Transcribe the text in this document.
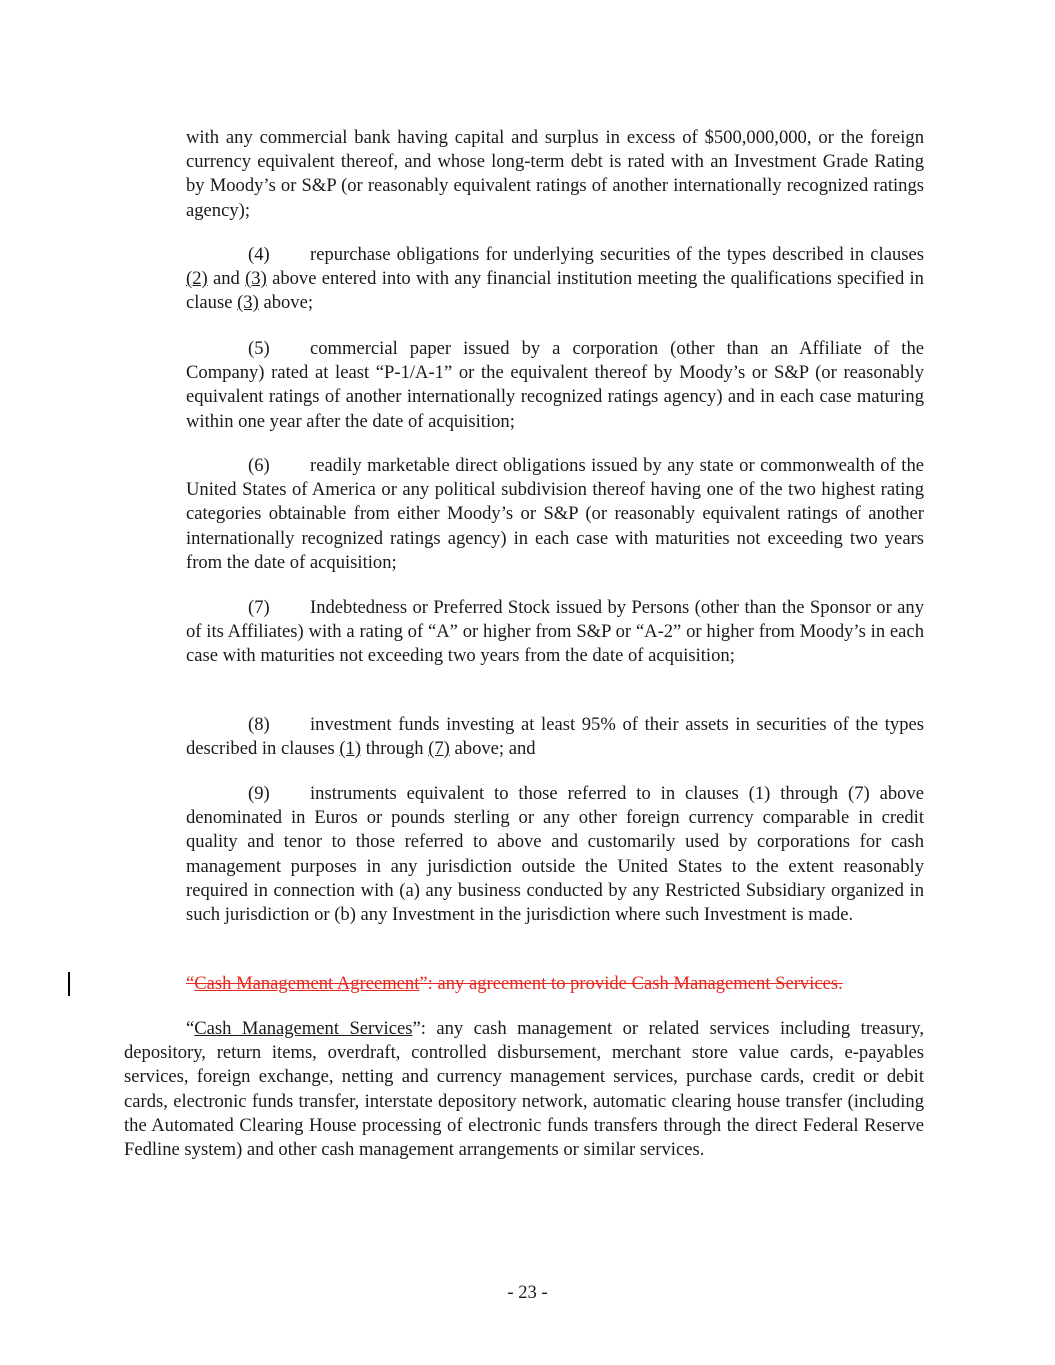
with any commercial bank having capital and surplus in excess of $500,000,000, or the foreign currency equivalent thereof, and whose long-term debt is rated with an Investment Grade Rating by Moody’s or S&P (or reasonably equivalent ratings of another internationally recognized ratings agency);

(4) repurchase obligations for underlying securities of the types described in clauses (2) and (3) above entered into with any financial institution meeting the qualifications specified in clause (3) above;

(5) commercial paper issued by a corporation (other than an Affiliate of the Company) rated at least “P-1/A-1” or the equivalent thereof by Moody’s or S&P (or reasonably equivalent ratings of another internationally recognized ratings agency) and in each case maturing within one year after the date of acquisition;

(6) readily marketable direct obligations issued by any state or commonwealth of the United States of America or any political subdivision thereof having one of the two highest rating categories obtainable from either Moody’s or S&P (or reasonably equivalent ratings of another internationally recognized ratings agency) in each case with maturities not exceeding two years from the date of acquisition;

(7) Indebtedness or Preferred Stock issued by Persons (other than the Sponsor or any of its Affiliates) with a rating of “A” or higher from S&P or “A-2” or higher from Moody’s in each case with maturities not exceeding two years from the date of acquisition;

(8) investment funds investing at least 95% of their assets in securities of the types described in clauses (1) through (7) above; and

(9) instruments equivalent to those referred to in clauses (1) through (7) above denominated in Euros or pounds sterling or any other foreign currency comparable in credit quality and tenor to those referred to above and customarily used by corporations for cash management purposes in any jurisdiction outside the United States to the extent reasonably required in connection with (a) any business conducted by any Restricted Subsidiary organized in such jurisdiction or (b) any Investment in the jurisdiction where such Investment is made.

“Cash Management Agreement”: any agreement to provide Cash Management Services.

“Cash Management Services”: any cash management or related services including treasury, depository, return items, overdraft, controlled disbursement, merchant store value cards, e-payables services, foreign exchange, netting and currency management services, purchase cards, credit or debit cards, electronic funds transfer, interstate depository network, automatic clearing house transfer (including the Automated Clearing House processing of electronic funds transfers through the direct Federal Reserve Fedline system) and other cash management arrangements or similar services.

- 23 -
